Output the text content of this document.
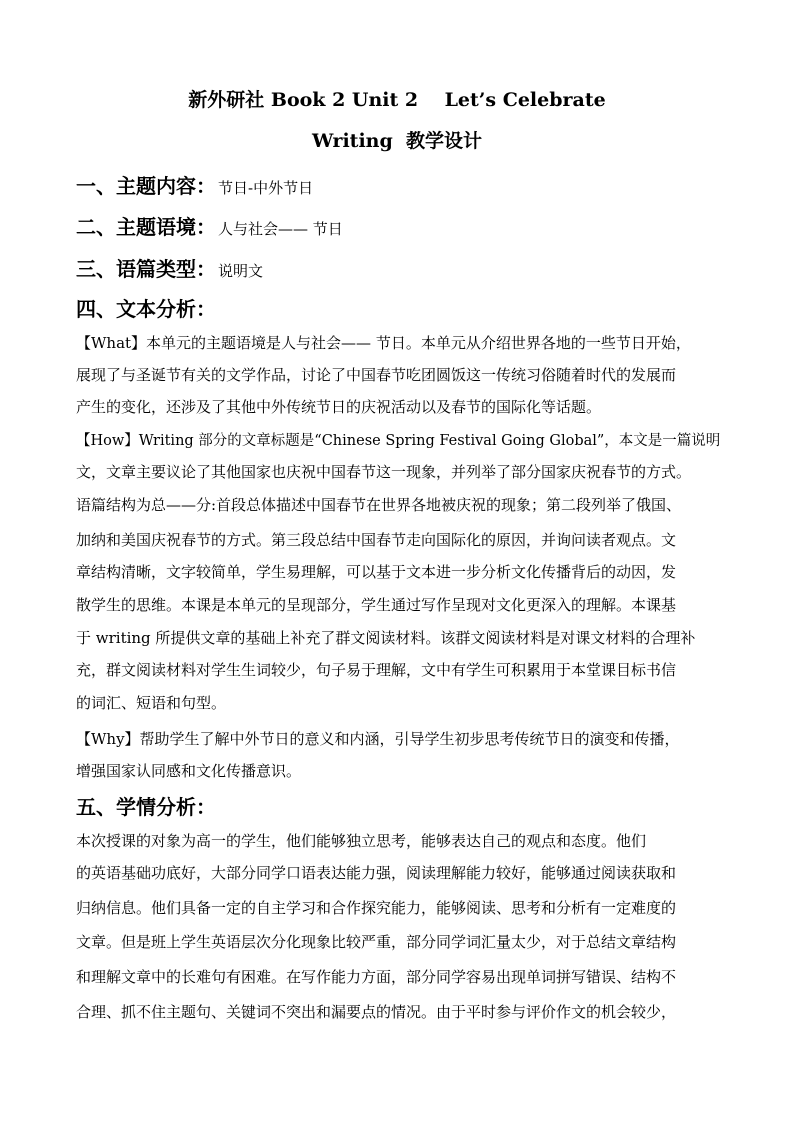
新外研社 Book 2 Unit 2    Let’s Celebrate
Writing  教学设计
一、主题内容： 节日-中外节日
二、主题语境： 人与社会—— 节日
三、语篇类型： 说明文
四、文本分析：
【What】本单元的主题语境是人与社会—— 节日。本单元从介绍世界各地的一些节日开始，
展现了与圣诞节有关的文学作品，讨论了中国春节吃团圆饭这一传统习俗随着时代的发展而
产生的变化，还涉及了其他中外传统节日的庆祝活动以及春节的国际化等话题。
【How】Writing 部分的文章标题是“Chinese Spring Festival Going Global”，本文是一篇说明
文，文章主要议论了其他国家也庆祝中国春节这一现象，并列举了部分国家庆祝春节的方式。
语篇结构为总——分:首段总体描述中国春节在世界各地被庆祝的现象；第二段列举了俄国、
加纳和美国庆祝春节的方式。第三段总结中国春节走向国际化的原因，并询问读者观点。文
章结构清晰，文字较简单，学生易理解，可以基于文本进一步分析文化传播背后的动因，发
散学生的思维。本课是本单元的呈现部分，学生通过写作呈现对文化更深入的理解。本课基
于 writing 所提供文章的基础上补充了群文阅读材料。该群文阅读材料是对课文材料的合理补
充，群文阅读材料对学生生词较少，句子易于理解，文中有学生可积累用于本堂课目标书信
的词汇、短语和句型。
【Why】帮助学生了解中外节日的意义和内涵，引导学生初步思考传统节日的演变和传播，
增强国家认同感和文化传播意识。
五、学情分析：
本次授课的对象为高一的学生，他们能够独立思考，能够表达自己的观点和态度。他们
的英语基础功底好，大部分同学口语表达能力强，阅读理解能力较好，能够通过阅读获取和
归纳信息。他们具备一定的自主学习和合作探究能力，能够阅读、思考和分析有一定难度的
文章。但是班上学生英语层次分化现象比较严重，部分同学词汇量太少，对于总结文章结构
和理解文章中的长难句有困难。在写作能力方面，部分同学容易出现单词拼写错误、结构不
合理、抓不住主题句、关键词不突出和漏要点的情况。由于平时参与评价作文的机会较少，
